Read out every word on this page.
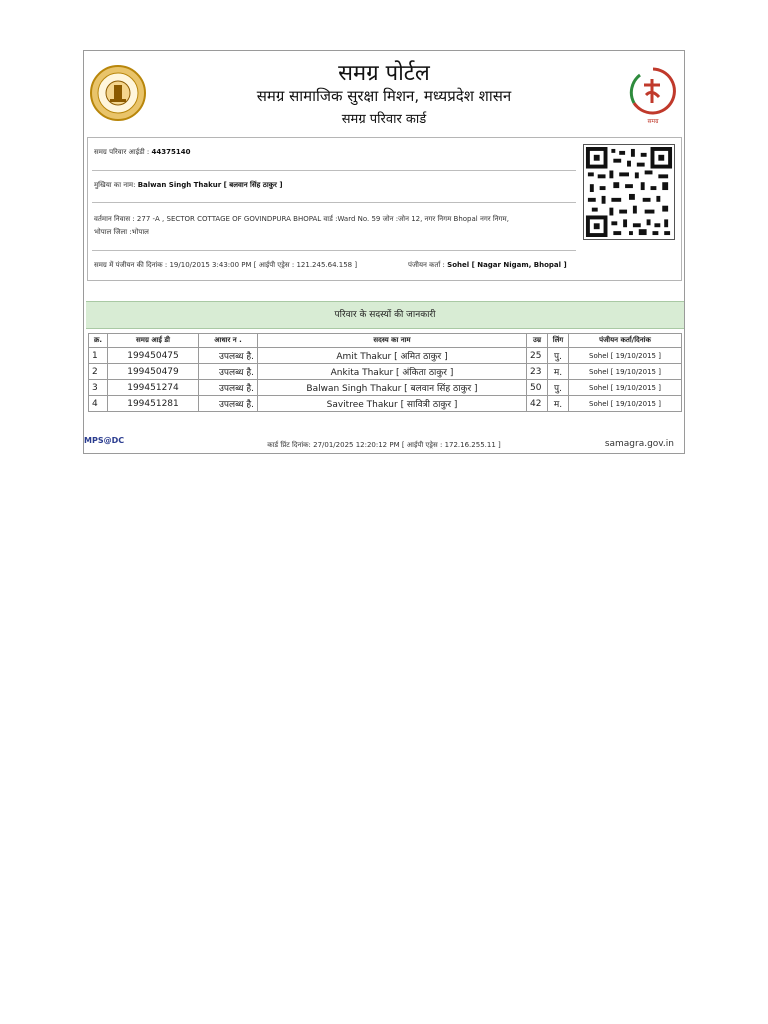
समग्र पोर्टल
समग्र सामाजिक सुरक्षा मिशन, मध्यप्रदेश शासन
समग्र परिवार कार्ड	समग्र
समग्र परिवार आईडी : 44375140
मुखिया का नाम: Balwan Singh Thakur [ बलवान सिंह ठाकुर ]
वर्तमान निवास : 277 -A , SECTOR COTTAGE OF GOVINDPURA BHOPAL वार्ड :Ward No. 59 जोन :जोन 12, नगर निगम Bhopal नगर निगम,
भोपाल जिला :भोपाल
समग्र में पंजीयन की दिनांक : 19/10/2015 3:43:00 PM [ आईपी एड्रेस : 121.245.64.158 ]	पंजीयन कर्ता : Sohel [ Nagar Nigam, Bhopal ]
परिवार के सदस्यों की जानकारी
क्र.	समग्र आई डी	आधार न .	सदस्य का नाम	उम्र	लिंग	पंजीयन कर्ता/दिनांक
1	199450475	उपलब्ध है.	Amit Thakur [ अमित ठाकुर ]	25	पु.	Sohel [ 19/10/2015 ]
2	199450479	उपलब्ध है.	Ankita Thakur [ अंकिता ठाकुर ]	23	म.	Sohel [ 19/10/2015 ]
3	199451274	उपलब्ध है.	Balwan Singh Thakur [ बलवान सिंह ठाकुर ]	50	पु.	Sohel [ 19/10/2015 ]
4	199451281	उपलब्ध है.	Savitree Thakur [ सावित्री ठाकुर ]	42	म.	Sohel [ 19/10/2015 ]
MPS@DC	कार्ड प्रिंट दिनांक: 27/01/2025 12:20:12 PM [ आईपी एड्रेस : 172.16.255.11 ]	samagra.gov.in
